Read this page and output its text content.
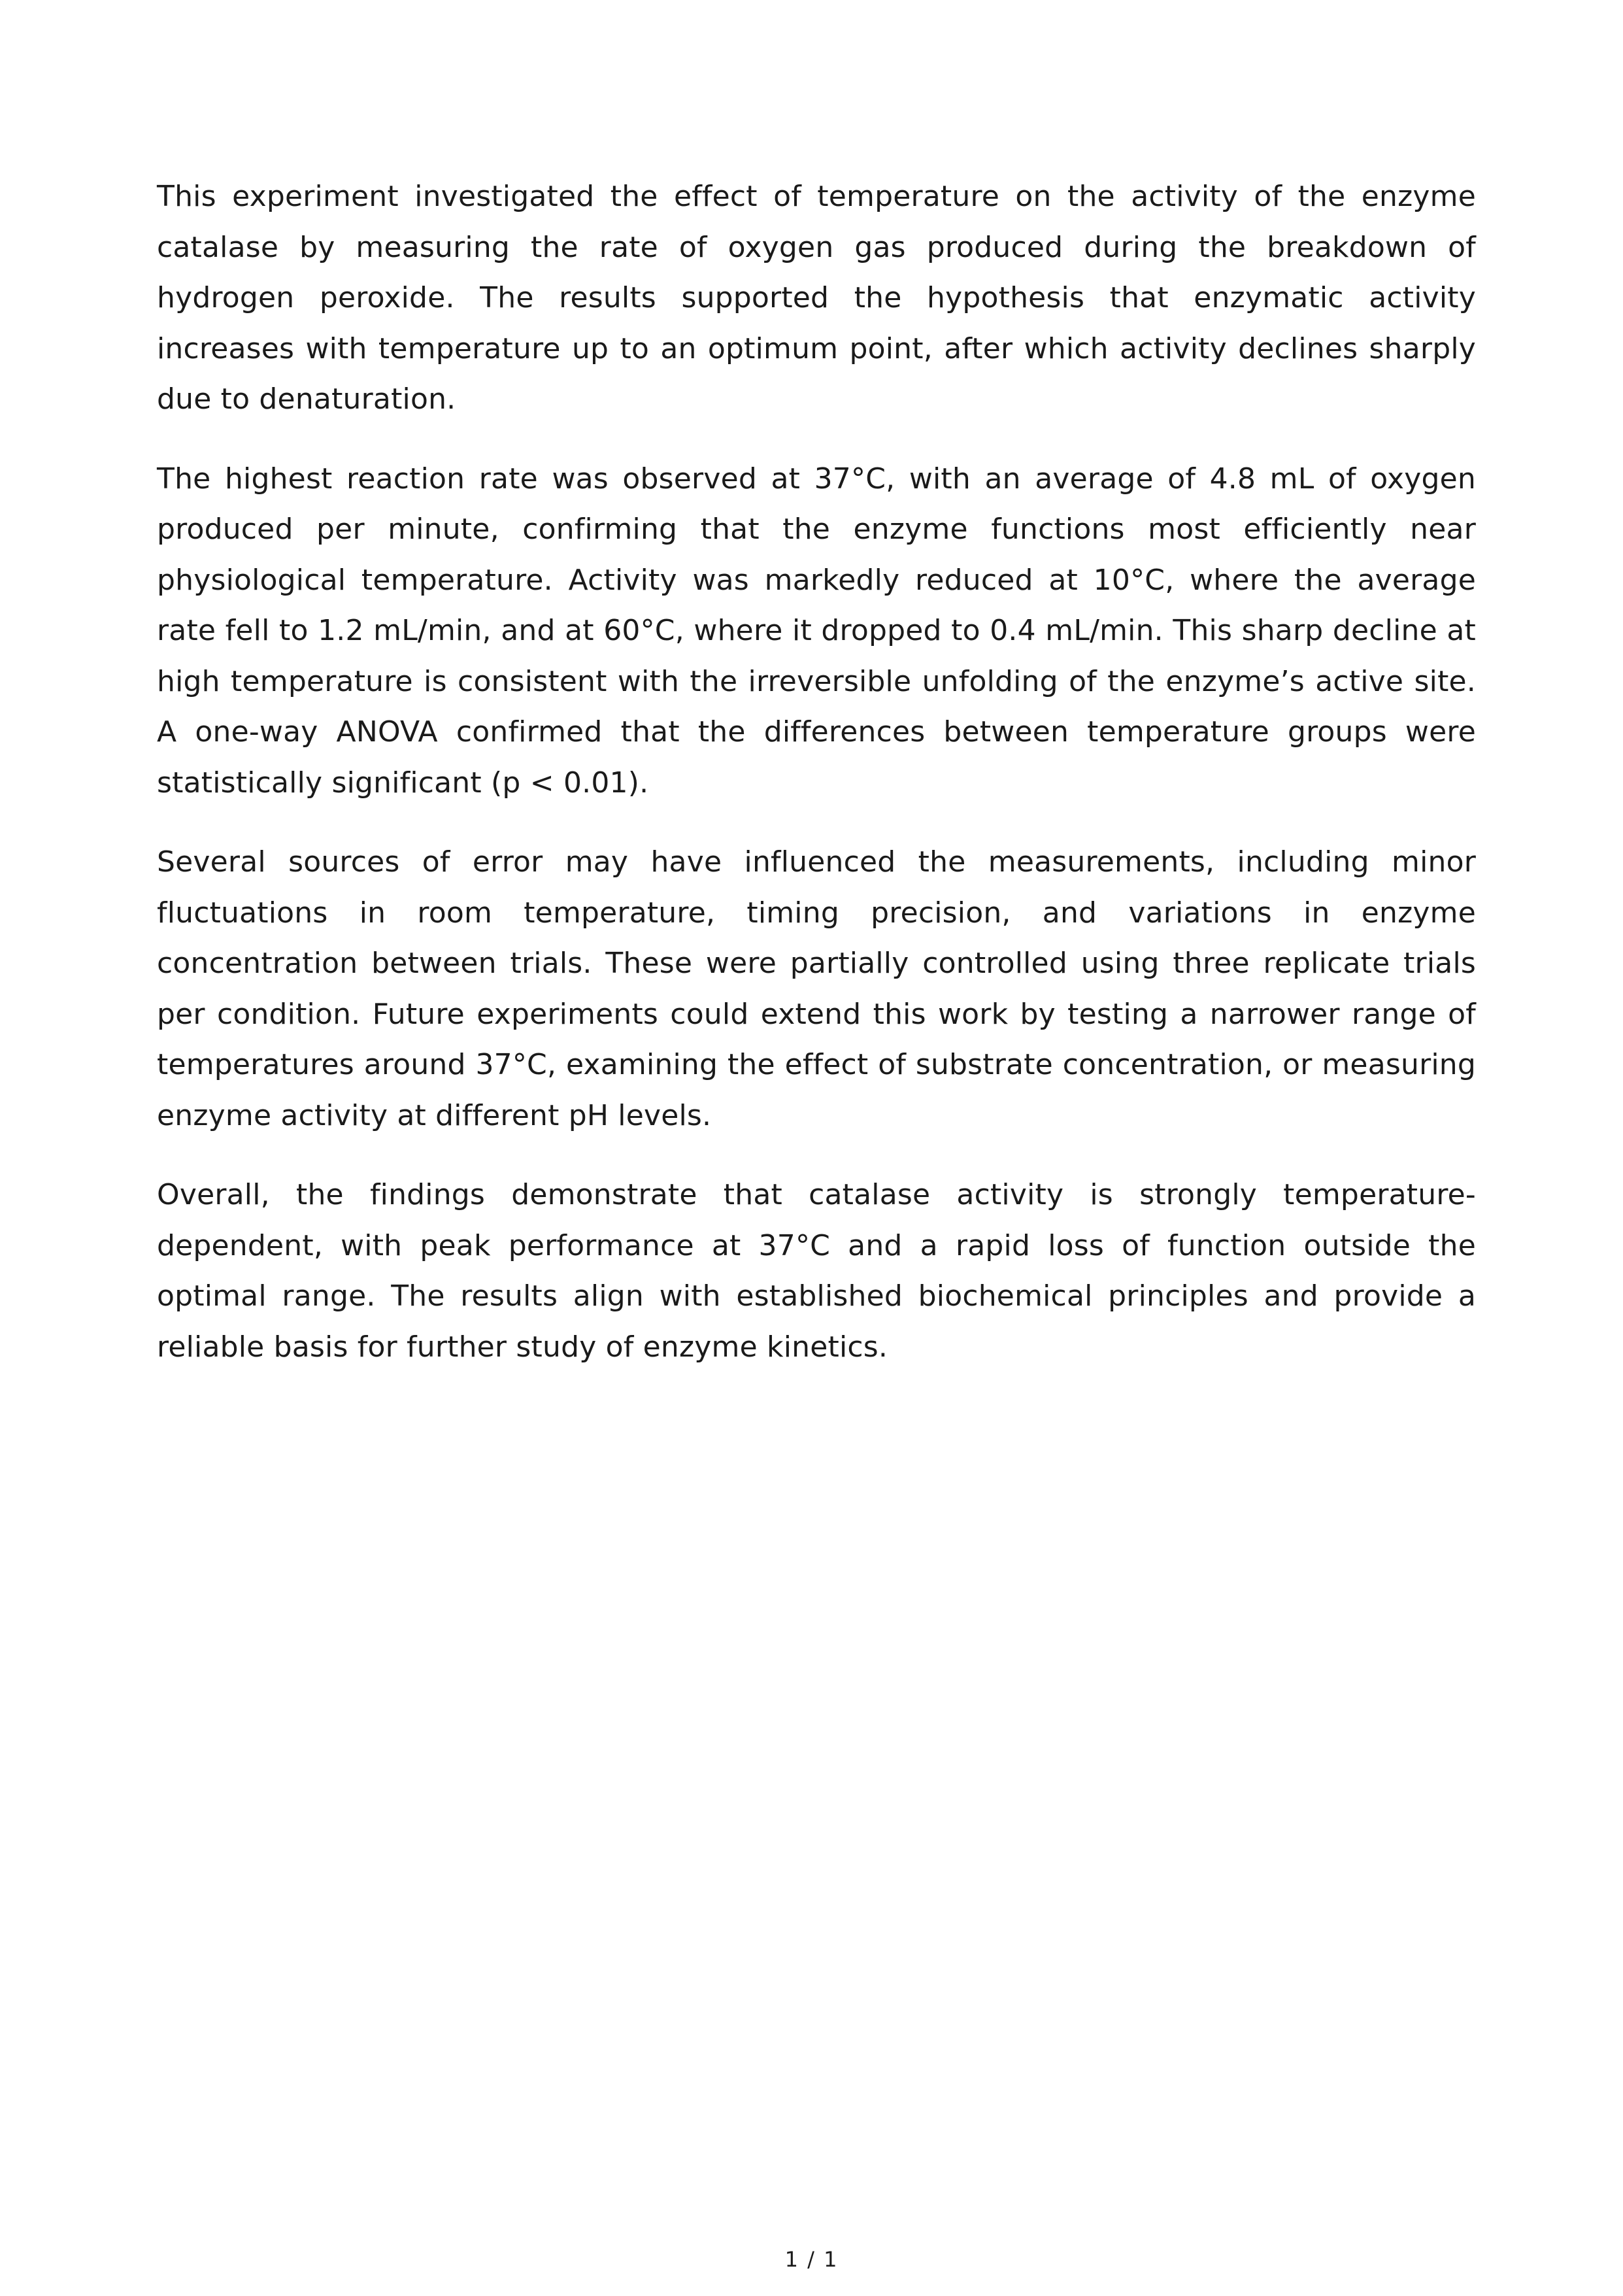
This experiment investigated the effect of temperature on the activity of the enzyme catalase by measuring the rate of oxygen gas produced during the breakdown of hydrogen peroxide. The results supported the hypothesis that enzymatic activity increases with temperature up to an optimum point, after which activity declines sharply due to denaturation.

The highest reaction rate was observed at 37°C, with an average of 4.8 mL of oxygen produced per minute, confirming that the enzyme functions most efficiently near physiological temperature. Activity was markedly reduced at 10°C, where the average rate fell to 1.2 mL/min, and at 60°C, where it dropped to 0.4 mL/min. This sharp decline at high temperature is consistent with the irreversible unfolding of the enzyme’s active site. A one-way ANOVA confirmed that the differences between temperature groups were statistically significant (p < 0.01).

Several sources of error may have influenced the measurements, including minor fluctuations in room temperature, timing precision, and variations in enzyme concentration between trials. These were partially controlled using three replicate trials per condition. Future experiments could extend this work by testing a narrower range of temperatures around 37°C, examining the effect of substrate concentration, or measuring enzyme activity at different pH levels.

Overall, the findings demonstrate that catalase activity is strongly temperature-dependent, with peak performance at 37°C and a rapid loss of function outside the optimal range. The results align with established biochemical principles and provide a reliable basis for further study of enzyme kinetics.

1 / 1
